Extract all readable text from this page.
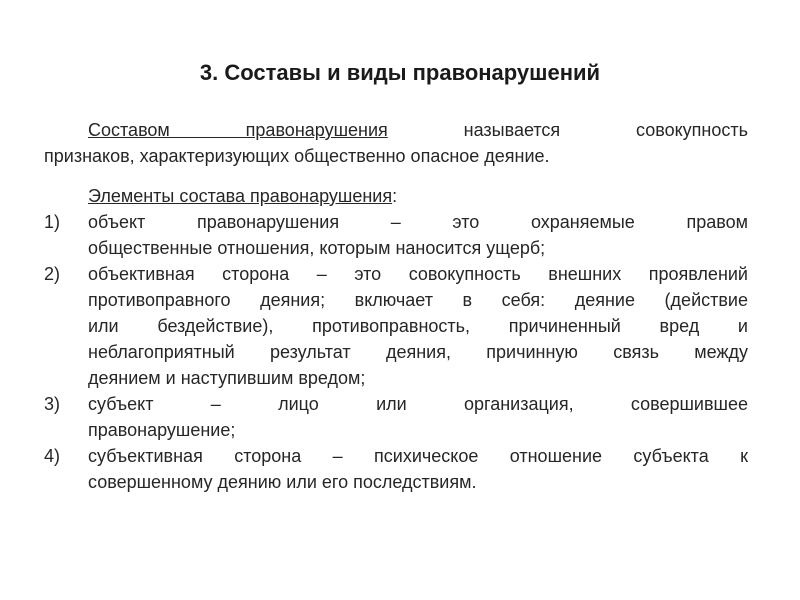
3. Составы и виды правонарушений
Составом правонарушения называется совокупность
признаков, характеризующих общественно опасное деяние.
Элементы состава правонарушения:
1) объект правонарушения – это охраняемые правом
общественные отношения, которым наносится ущерб;
2) объективная сторона – это совокупность внешних проявлений
противоправного деяния; включает в себя: деяние (действие
или бездействие), противоправность, причиненный вред и
неблагоприятный результат деяния, причинную связь между
деянием и наступившим вредом;
3) субъект – лицо или организация, совершившее
правонарушение;
4) субъективная сторона – психическое отношение субъекта к
совершенному деянию или его последствиям.
